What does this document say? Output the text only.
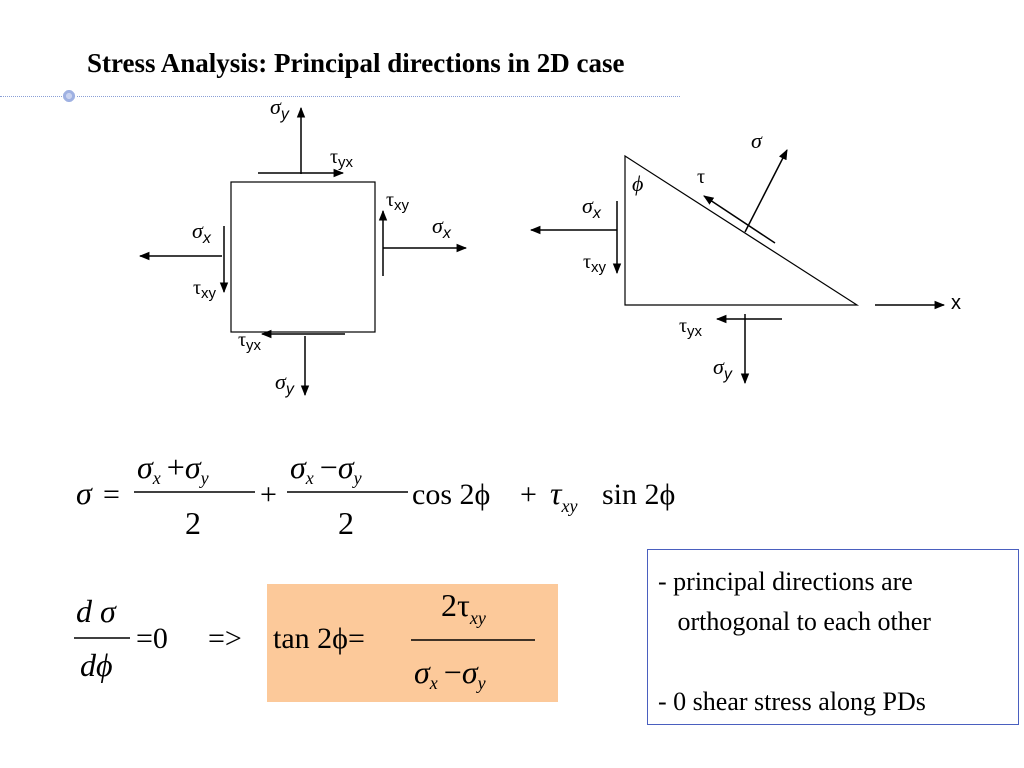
Stress Analysis: Principal directions in 2D case
$\sigma_y$
$\sigma_x$
$\sigma_x$
$\sigma_y$
$\tau_{yx}$
$\tau_{xy}$
$\tau_{xy}$
$\tau_{yx}$
σ
ϕ
$\sigma_x$
$\sigma_y$
τ
$\tau_{xy}$
$\tau_{yx}$
x
σ =
σx +σy
2
+
σx −σy
2
$\cos 2\phi + \tau_{xy}$ sin 2ϕ
d σ
dϕ
=0 => tan 2ϕ=
$2\tau_{xy}$
σx −σy
- principal directions are
orthogonal to each other

- 0 shear stress along PDs
